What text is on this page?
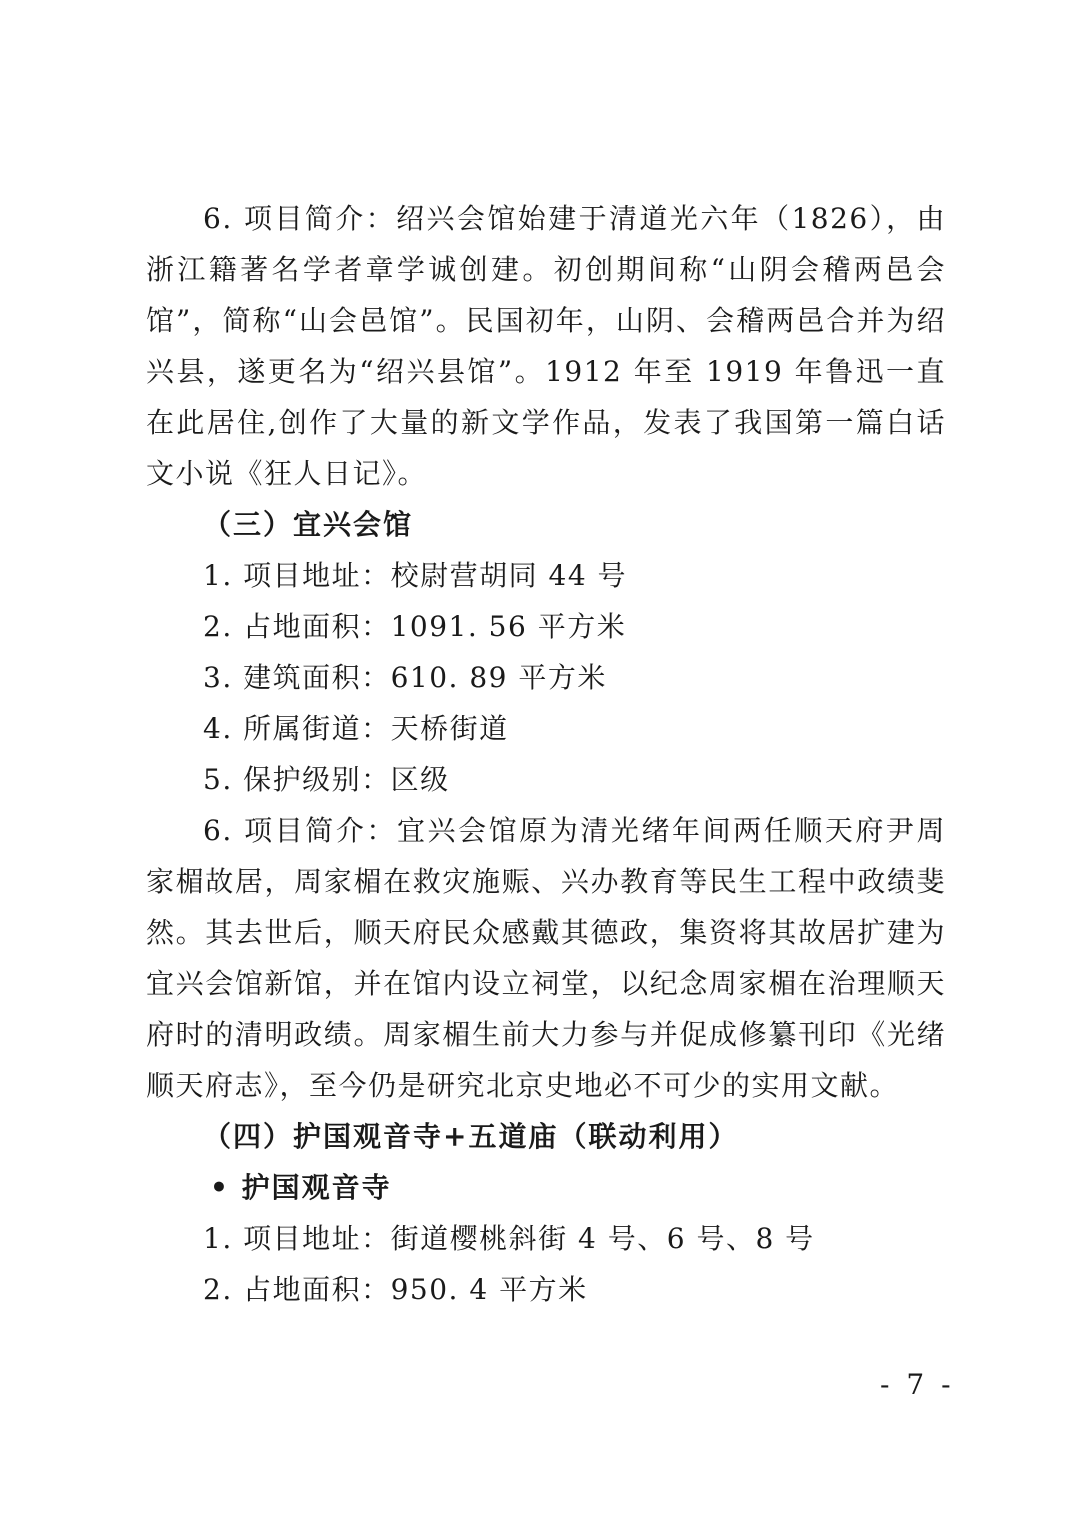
6. 项目简介：绍兴会馆始建于清道光六年（1826），由浙江籍著名学者章学诚创建。初创期间称“山阴会稽两邑会馆”，简称“山会邑馆”。民国初年，山阴、会稽两邑合并为绍兴县，遂更名为“绍兴县馆”。1912 年至 1919 年鲁迅一直在此居住,创作了大量的新文学作品，发表了我国第一篇白话文小说《狂人日记》。

（三）宜兴会馆

1. 项目地址：校尉营胡同 44 号

2. 占地面积：1091. 56 平方米

3. 建筑面积：610. 89 平方米

4. 所属街道：天桥街道

5. 保护级别：区级

6. 项目简介：宜兴会馆原为清光绪年间两任顺天府尹周家楣故居，周家楣在救灾施赈、兴办教育等民生工程中政绩斐然。其去世后，顺天府民众感戴其德政，集资将其故居扩建为宜兴会馆新馆，并在馆内设立祠堂，以纪念周家楣在治理顺天府时的清明政绩。周家楣生前大力参与并促成修纂刊印《光绪顺天府志》，至今仍是研究北京史地必不可少的实用文献。

（四）护国观音寺+五道庙（联动利用）

• 护国观音寺

1. 项目地址：街道樱桃斜街 4 号、6 号、8 号

2. 占地面积：950. 4 平方米

- 7 -
